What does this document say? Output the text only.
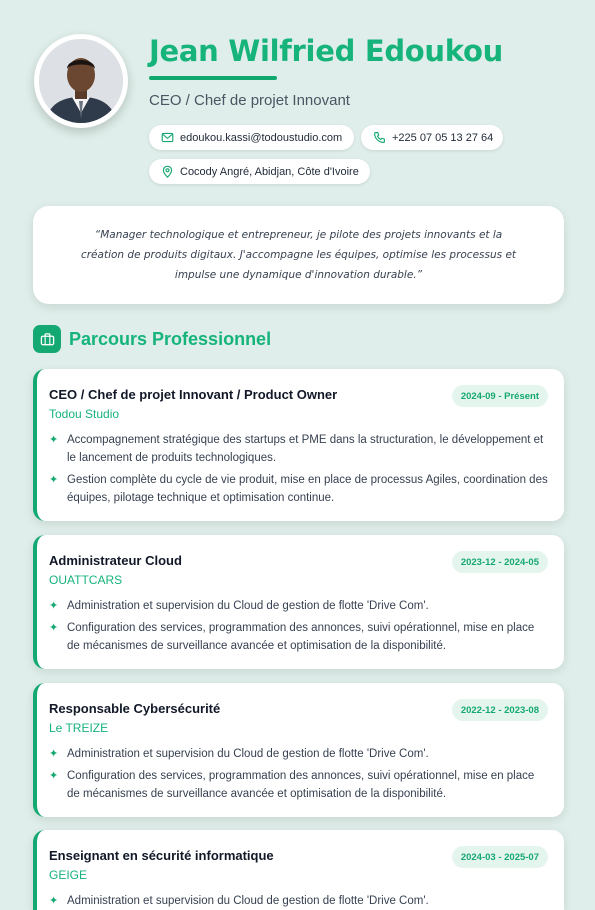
Jean Wilfried Edoukou
CEO / Chef de projet Innovant
edoukou.kassi@todoustudio.com	+225 07 05 13 27 64
Cocody Angré, Abidjan, Côte d'Ivoire

“Manager technologique et entrepreneur, je pilote des projets innovants et la création de produits digitaux. J'accompagne les équipes, optimise les processus et impulse une dynamique d'innovation durable.”

Parcours Professionnel
CEO / Chef de projet Innovant / Product Owner
Todou Studio
2024-09 - Présent
✦ Accompagnement stratégique des startups et PME dans la structuration, le développement et le lancement de produits technologiques.
✦ Gestion complète du cycle de vie produit, mise en place de processus Agiles, coordination des équipes, pilotage technique et optimisation continue.
Administrateur Cloud
OUATTCARS
2023-12 - 2024-05
✦ Administration et supervision du Cloud de gestion de flotte 'Drive Com'.
✦ Configuration des services, programmation des annonces, suivi opérationnel, mise en place de mécanismes de surveillance avancée et optimisation de la disponibilité.
Responsable Cybersécurité
Le TREIZE
2022-12 - 2023-08
✦ Administration et supervision du Cloud de gestion de flotte 'Drive Com'.
✦ Configuration des services, programmation des annonces, suivi opérationnel, mise en place de mécanismes de surveillance avancée et optimisation de la disponibilité.
Enseignant en sécurité informatique
GEIGE
2024-03 - 2025-07
✦ Administration et supervision du Cloud de gestion de flotte 'Drive Com'.
